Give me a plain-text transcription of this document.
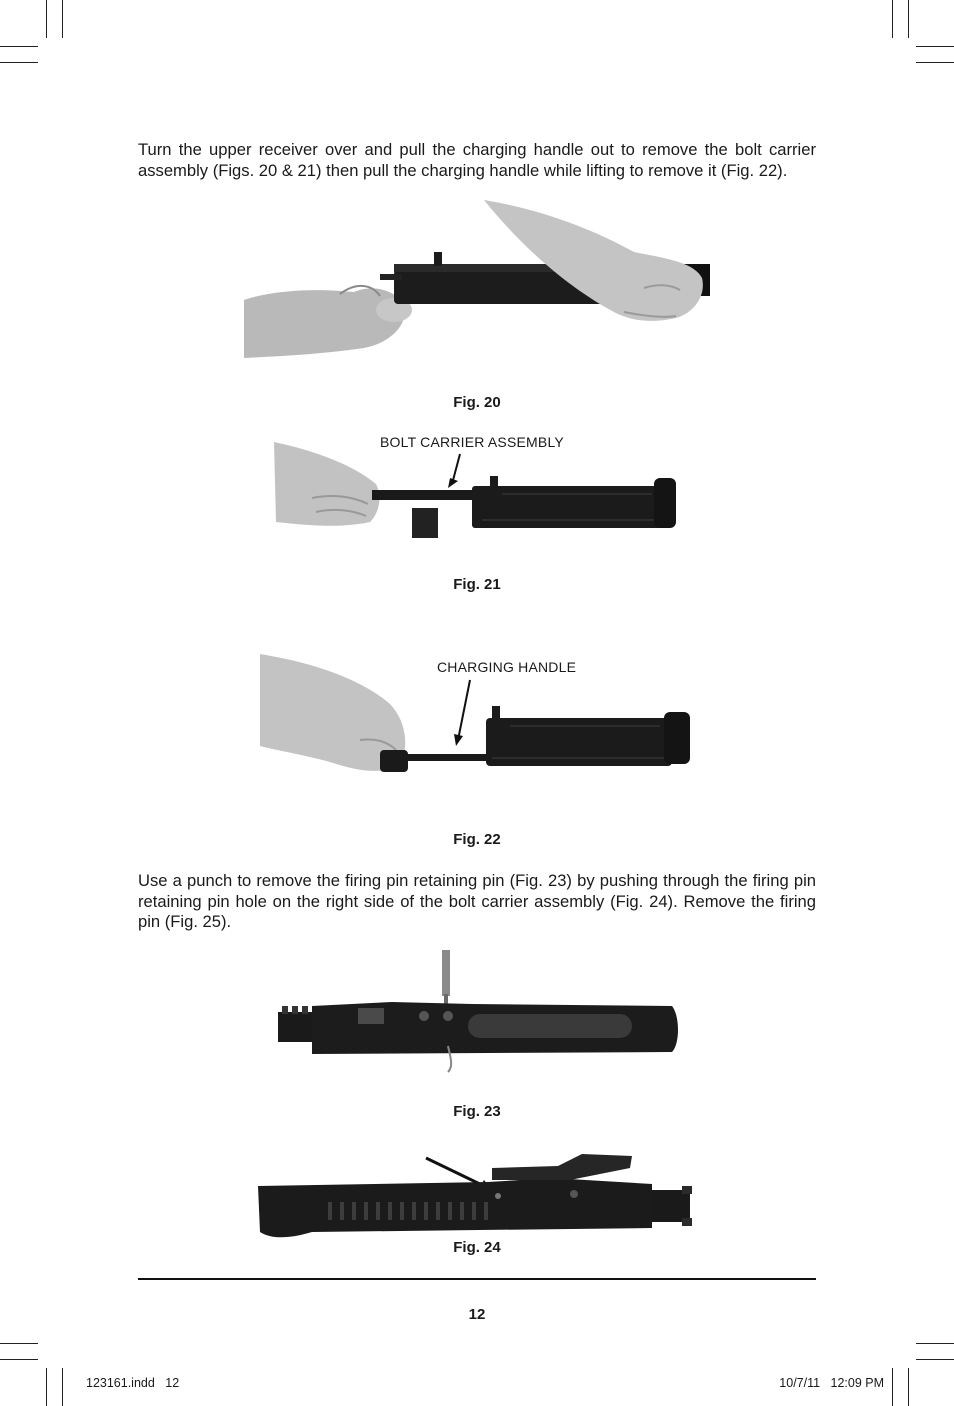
Turn the upper receiver over and pull the charging handle out to remove the bolt carrier assembly (Figs. 20 & 21) then pull the charging handle while lifting to remove it (Fig. 22).

Fig. 20
BOLT CARRIER ASSEMBLY
Fig. 21
CHARGING HANDLE
Fig. 22

Use a punch to remove the firing pin retaining pin (Fig. 23) by pushing through the firing pin retaining pin hole on the right side of the bolt carrier assembly (Fig. 24). Remove the firing pin (Fig. 25).

Fig. 23
Fig. 24
12
123161.indd   12	10/7/11   12:09 PM
